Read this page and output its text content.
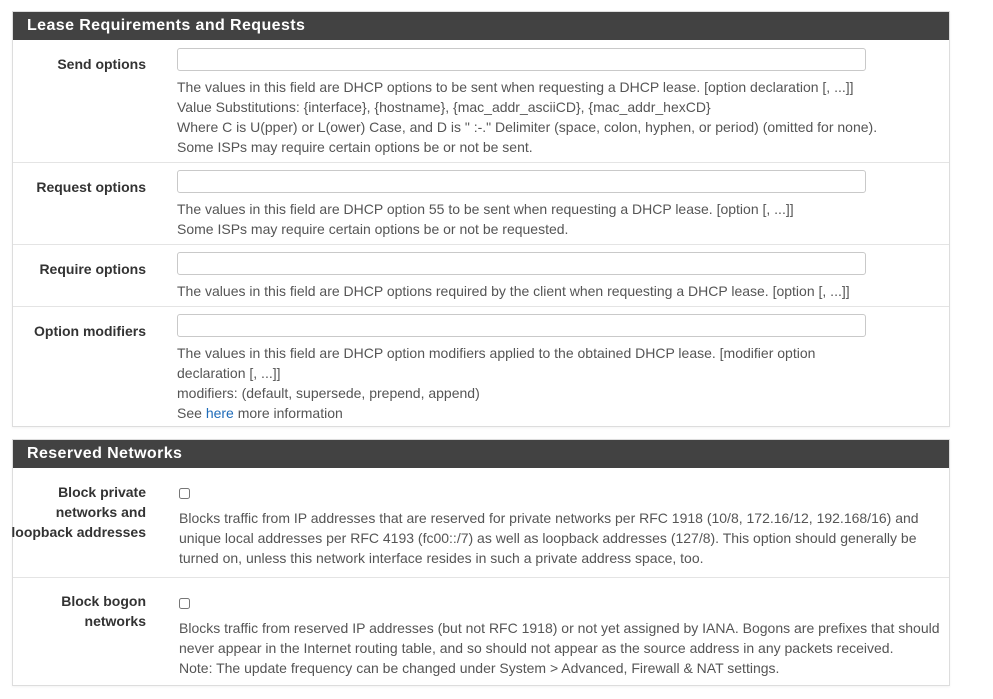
Lease Requirements and Requests
Send options
The values in this field are DHCP options to be sent when requesting a DHCP lease. [option declaration [, ...]]
Value Substitutions: {interface}, {hostname}, {mac_addr_asciiCD}, {mac_addr_hexCD}
Where C is U(pper) or L(ower) Case, and D is " :-." Delimiter (space, colon, hyphen, or period) (omitted for none).
Some ISPs may require certain options be or not be sent.
Request options
The values in this field are DHCP option 55 to be sent when requesting a DHCP lease. [option [, ...]]
Some ISPs may require certain options be or not be requested.
Require options
The values in this field are DHCP options required by the client when requesting a DHCP lease. [option [, ...]]
Option modifiers
The values in this field are DHCP option modifiers applied to the obtained DHCP lease. [modifier option declaration [, ...]]
modifiers: (default, supersede, prepend, append)
See here more information
Reserved Networks
Block private networks and loopback addresses
Blocks traffic from IP addresses that are reserved for private networks per RFC 1918 (10/8, 172.16/12, 192.168/16) and unique local addresses per RFC 4193 (fc00::/7) as well as loopback addresses (127/8). This option should generally be turned on, unless this network interface resides in such a private address space, too.
Block bogon networks Blocks traffic from reserved IP addresses (but not RFC 1918) or not yet assigned by IANA. Bogons are prefixes that should never appear in the Internet routing table, and so should not appear as the source address in any packets received.
Note: The update frequency can be changed under System > Advanced, Firewall & NAT settings.
